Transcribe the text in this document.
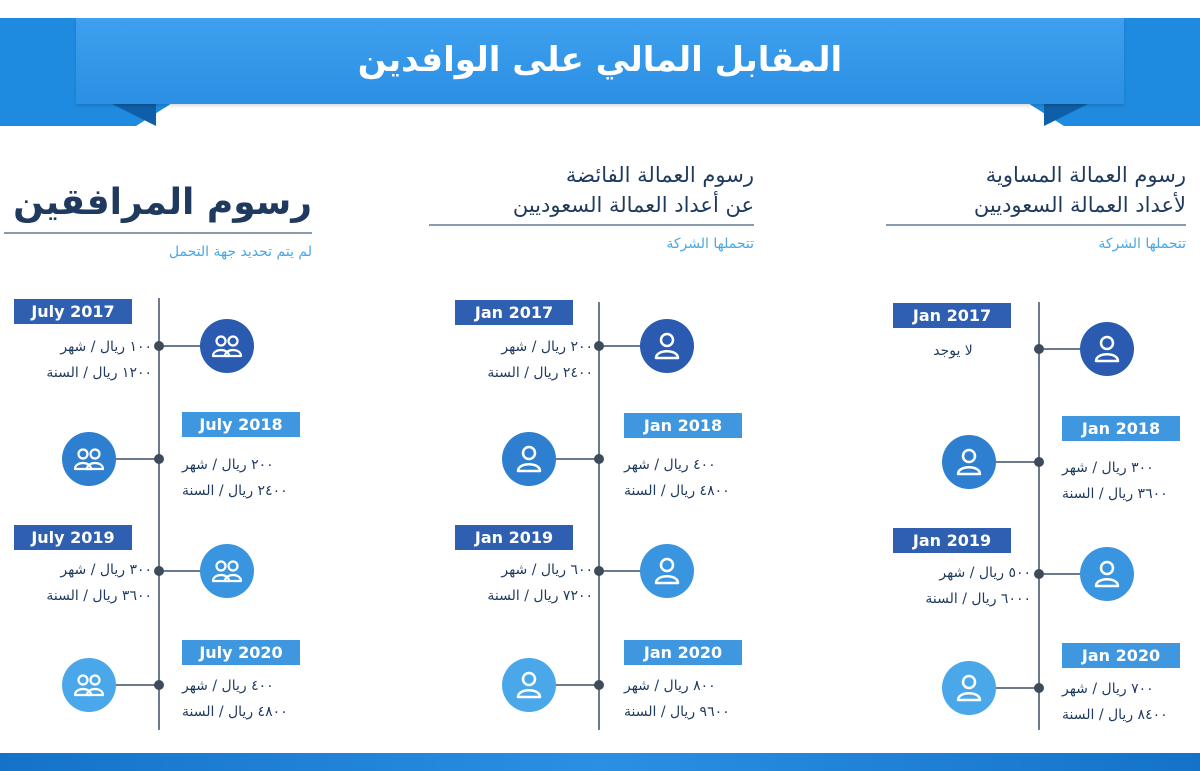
المقابل المالي على الوافدين
رسوم العمالة المساوية
لأعداد العمالة السعوديين
تتحملها الشركة
رسوم العمالة الفائضة
عن أعداد العمالة السعوديين
تتحملها الشركة
رسوم المرافقين
لم يتم تحديد جهة التحمل
Jan 2017
لا يوجد
Jan 2018
٣٠٠ ريال / شهر
٣٦٠٠ ريال / السنة
Jan 2019
٥٠٠ ريال / شهر
٦٠٠٠ ريال / السنة
Jan 2020
٧٠٠ ريال / شهر
٨٤٠٠ ريال / السنة
Jan 2017
٢٠٠ ريال / شهر
٢٤٠٠ ريال / السنة
Jan 2018
٤٠٠ ريال / شهر
٤٨٠٠ ريال / السنة
Jan 2019
٦٠٠ ريال / شهر
٧٢٠٠ ريال / السنة
Jan 2020
٨٠٠ ريال / شهر
٩٦٠٠ ريال / السنة
July 2017
١٠٠ ريال / شهر
١٢٠٠ ريال / السنة
July 2018
٢٠٠ ريال / شهر
٢٤٠٠ ريال / السنة
July 2019
٣٠٠ ريال / شهر
٣٦٠٠ ريال / السنة
July 2020
٤٠٠ ريال / شهر
٤٨٠٠ ريال / السنة
